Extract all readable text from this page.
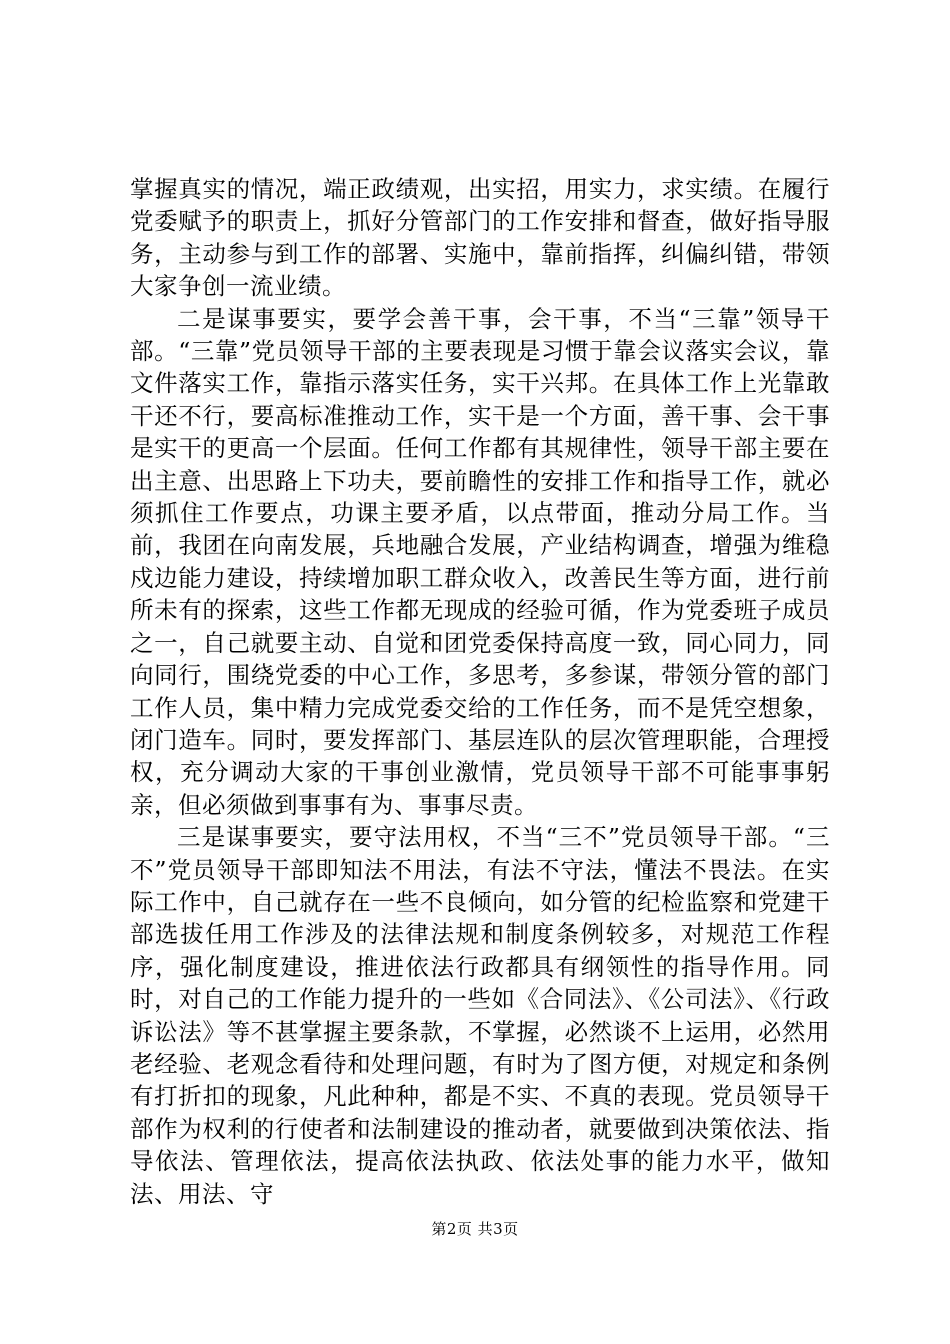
掌握真实的情况，端正政绩观，出实招，用实力，求实绩。在履行党委赋予的职责上，抓好分管部门的工作安排和督查，做好指导服务，主动参与到工作的部署、实施中，靠前指挥，纠偏纠错，带领大家争创一流业绩。

二是谋事要实，要学会善干事，会干事，不当“三靠”领导干部。“三靠”党员领导干部的主要表现是习惯于靠会议落实会议，靠文件落实工作，靠指示落实任务，实干兴邦。在具体工作上光靠敢干还不行，要高标准推动工作，实干是一个方面，善干事、会干事是实干的更高一个层面。任何工作都有其规律性，领导干部主要在出主意、出思路上下功夫，要前瞻性的安排工作和指导工作，就必须抓住工作要点，功课主要矛盾，以点带面，推动分局工作。当前，我团在向南发展，兵地融合发展，产业结构调查，增强为维稳戍边能力建设，持续增加职工群众收入，改善民生等方面，进行前所未有的探索，这些工作都无现成的经验可循，作为党委班子成员之一，自己就要主动、自觉和团党委保持高度一致，同心同力，同向同行，围绕党委的中心工作，多思考，多参谋，带领分管的部门工作人员，集中精力完成党委交给的工作任务，而不是凭空想象，闭门造车。同时，要发挥部门、基层连队的层次管理职能，合理授权，充分调动大家的干事创业激情，党员领导干部不可能事事躬亲，但必须做到事事有为、事事尽责。

三是谋事要实，要守法用权，不当“三不”党员领导干部。“三不”党员领导干部即知法不用法，有法不守法，懂法不畏法。在实际工作中，自己就存在一些不良倾向，如分管的纪检监察和党建干部选拔任用工作涉及的法律法规和制度条例较多，对规范工作程序，强化制度建设，推进依法行政都具有纲领性的指导作用。同时，对自己的工作能力提升的一些如《合同法》、《公司法》、《行政诉讼法》等不甚掌握主要条款，不掌握，必然谈不上运用，必然用老经验、老观念看待和处理问题，有时为了图方便，对规定和条例有打折扣的现象，凡此种种，都是不实、不真的表现。党员领导干部作为权利的行使者和法制建设的推动者，就要做到决策依法、指导依法、管理依法，提高依法执政、依法处事的能力水平，做知法、用法、守

第2页 共3页
